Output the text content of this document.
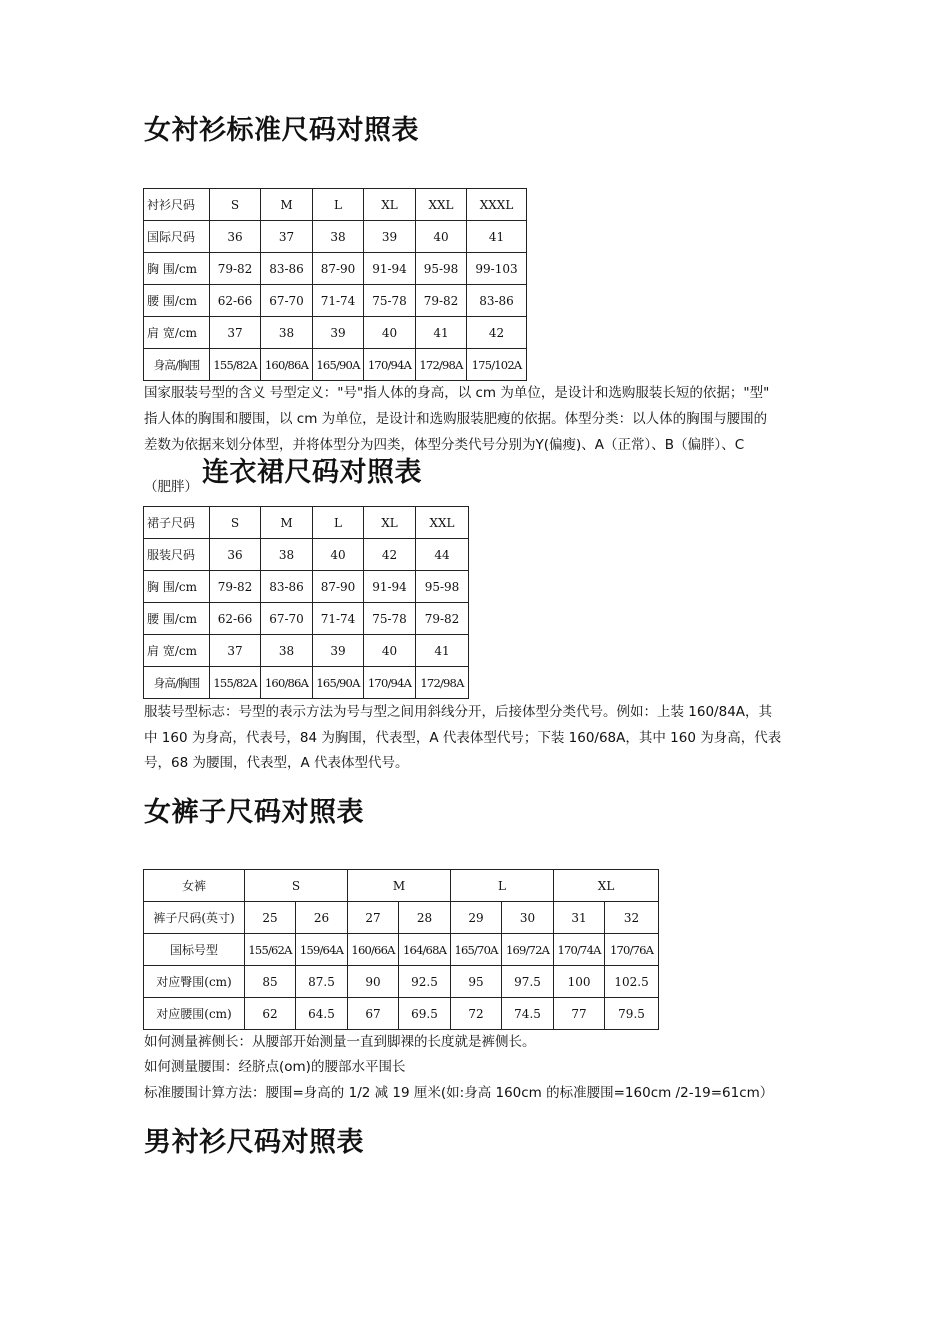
女衬衫标准尺码对照表
衬衫尺码	S	M	L	XL	XXL	XXXL
国际尺码	36	37	38	39	40	41
胸 围/cm	79-82	83-86	87-90	91-94	95-98	99-103
腰 围/cm	62-66	67-70	71-74	75-78	79-82	83-86
肩 宽/cm	37	38	39	40	41	42
身高/胸围	155/82A	160/86A	165/90A	170/94A	172/98A	175/102A

国家服装号型的含义 号型定义："号"指人体的身高，以 cm 为单位，是设计和选购服装长短的依据；"型"

指人体的胸围和腰围，以 cm 为单位，是设计和选购服装肥瘦的依据。体型分类：以人体的胸围与腰围的

差数为依据来划分体型，并将体型分为四类，体型分类代号分别为Y(偏瘦)、A（正常）、B（偏胖）、C

连衣裙尺码对照表

（肥胖）

裙子尺码	S	M	L	XL	XXL
服装尺码	36	38	40	42	44
胸 围/cm	79-82	83-86	87-90	91-94	95-98
腰 围/cm	62-66	67-70	71-74	75-78	79-82
肩 宽/cm	37	38	39	40	41
身高/胸围	155/82A	160/86A	165/90A	170/94A	172/98A

服装号型标志：号型的表示方法为号与型之间用斜线分开，后接体型分类代号。例如：上装 160/84A，其

中 160 为身高，代表号，84 为胸围，代表型，A 代表体型代号；下装 160/68A，其中 160 为身高，代表

号，68 为腰围，代表型，A 代表体型代号。

女裤子尺码对照表
女裤	S		M		L		XL	
裤子尺码(英寸)	25	26	27	28	29	30	31	32
国标号型	155/62A	159/64A	160/66A	164/68A	165/70A	169/72A	170/74A	170/76A
对应臀围(cm)	85	87.5	90	92.5	95	97.5	100	102.5
对应腰围(cm)	62	64.5	67	69.5	72	74.5	77	79.5

如何测量裤侧长：从腰部开始测量一直到脚裸的长度就是裤侧长。

如何测量腰围：经脐点(om)的腰部水平围长

标准腰围计算方法：腰围=身高的 1/2 减 19 厘米(如:身高 160cm 的标准腰围=160cm /2-19=61cm）

男衬衫尺码对照表
